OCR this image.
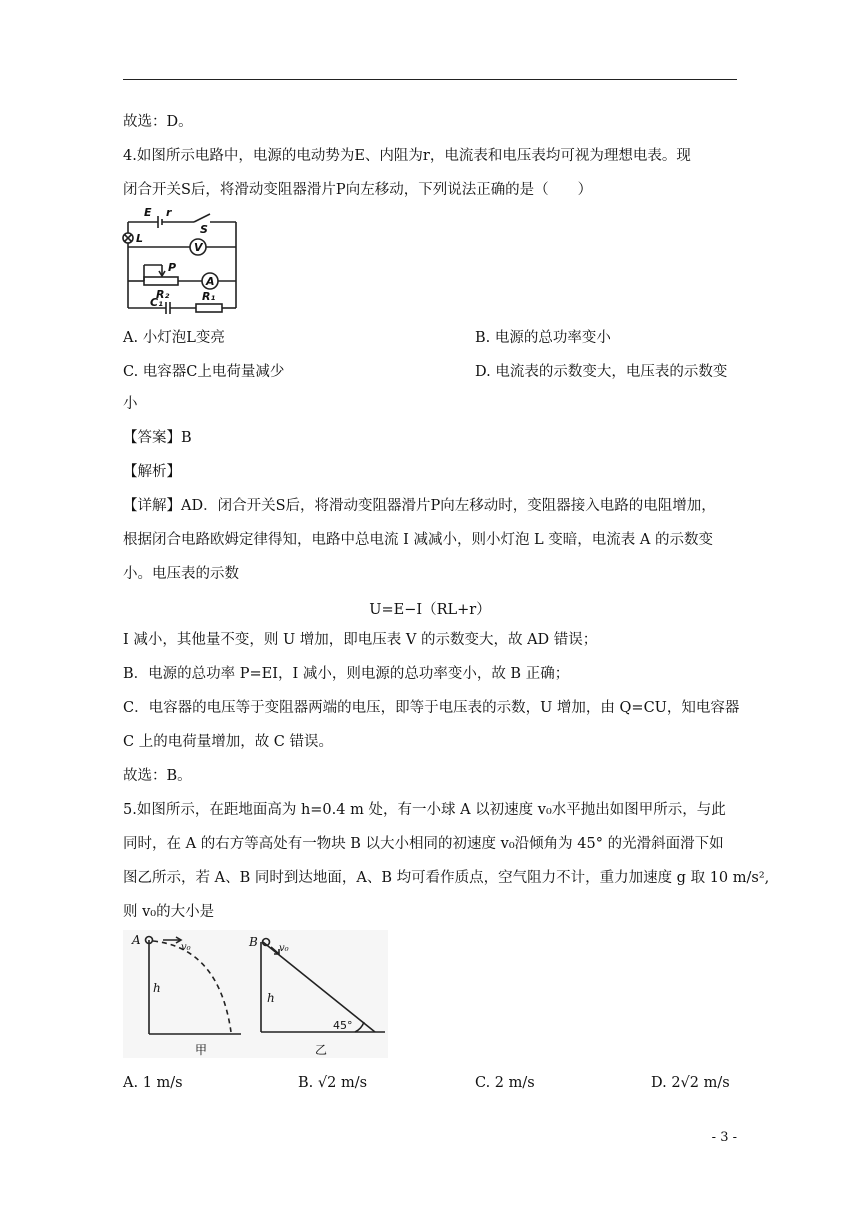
故选：D。
4.如图所示电路中，电源的电动势为E、内阻为r，电流表和电压表均可视为理想电表。现
闭合开关S后，将滑动变阻器滑片P向左移动，下列说法正确的是（　　）
E r
S
L
V
A
P
R₂	R₁
C₁
A. 小灯泡L变亮	B. 电源的总功率变小
C. 电容器C上电荷量减少	D. 电流表的示数变大，电压表的示数变
小
【答案】B
【解析】
【详解】AD．闭合开关S后，将滑动变阻器滑片P向左移动时，变阻器接入电路的电阻增加，
根据闭合电路欧姆定律得知，电路中总电流 I 减减小，则小灯泡 L 变暗，电流表 A 的示数变
小。电压表的示数
U=E−I（RL+r）
I 减小，其他量不变，则 U 增加，即电压表 V 的示数变大，故 AD 错误；
B．电源的总功率 P=EI，I 减小，则电源的总功率变小，故 B 正确；
C．电容器的电压等于变阻器两端的电压，即等于电压表的示数，U 增加，由 Q=CU，知电容器
C 上的电荷量增加，故 C 错误。
故选：B。
5.如图所示，在距地面高为 h=0.4 m 处，有一小球 A 以初速度 v₀水平抛出如图甲所示，与此
同时，在 A 的右方等高处有一物块 B 以大小相同的初速度 v₀沿倾角为 45° 的光滑斜面滑下如
图乙所示，若 A、B 同时到达地面，A、B 均可看作质点，空气阻力不计，重力加速度 g 取 10 m/s²,
则 v₀的大小是
A
v₀
h
B v₀
h
45°
甲	乙
A. 1 m/s	B. √2 m/s	C. 2 m/s	D. 2√2 m/s
- 3 -
